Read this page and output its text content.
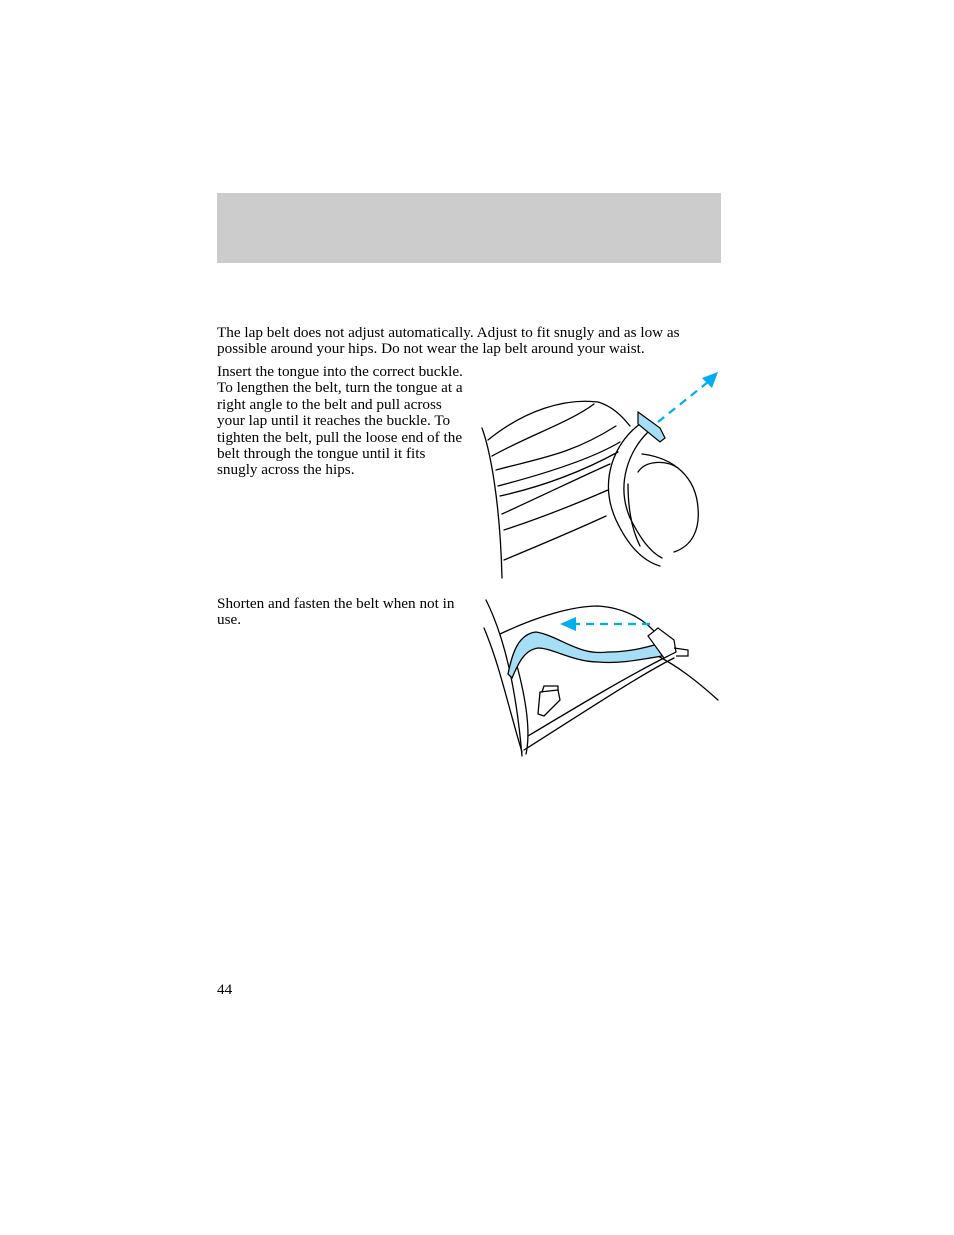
The lap belt does not adjust automatically. Adjust to fit snugly and as low as possible around your hips. Do not wear the lap belt around your waist.

Insert the tongue into the correct buckle. To lengthen the belt, turn the tongue at a right angle to the belt and pull across your lap until it reaches the buckle. To tighten the belt, pull the loose end of the belt through the tongue until it fits snugly across the hips.

Shorten and fasten the belt when not in use.

44
